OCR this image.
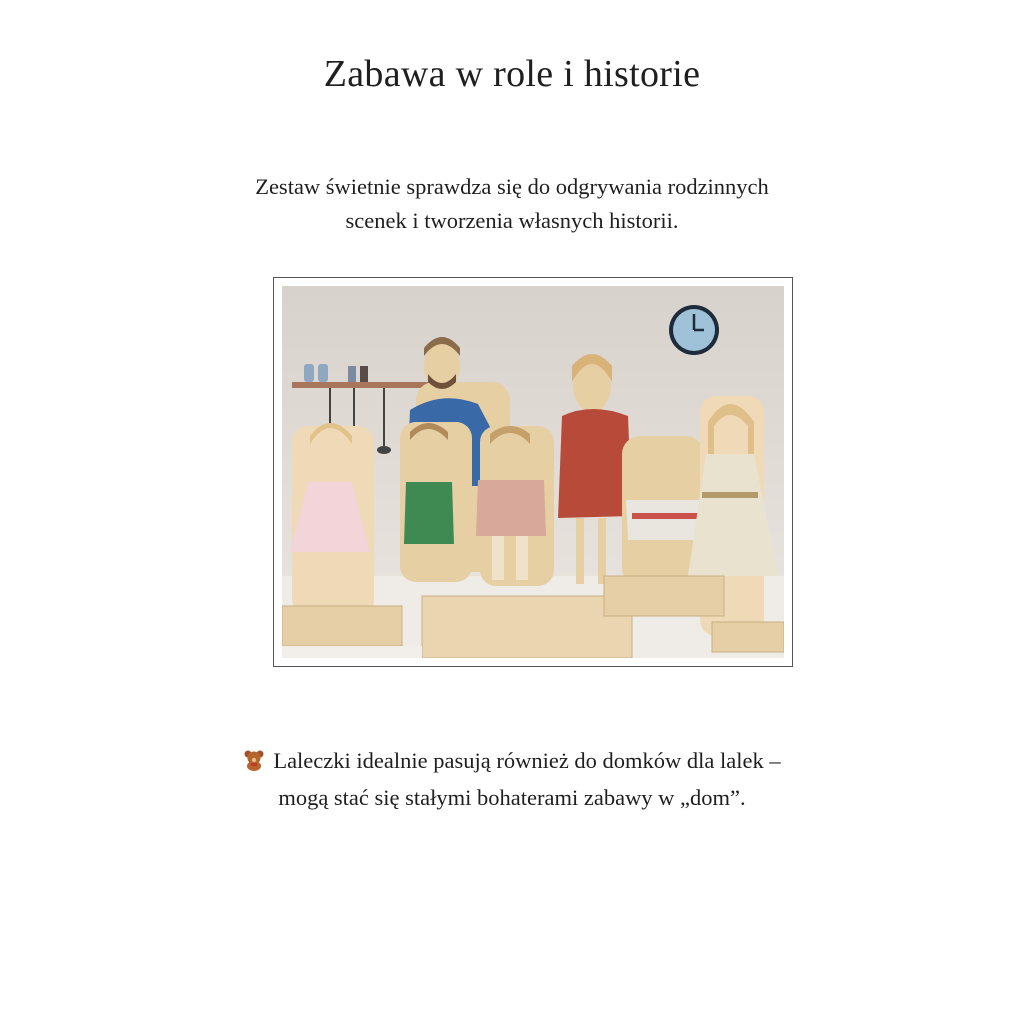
Zabawa w role i historie
Zestaw świetnie sprawdza się do odgrywania rodzinnych
scenek i tworzenia własnych historii.
Laleczki idealnie pasują również do domków dla lalek –
mogą stać się stałymi bohaterami zabawy w „dom”.
